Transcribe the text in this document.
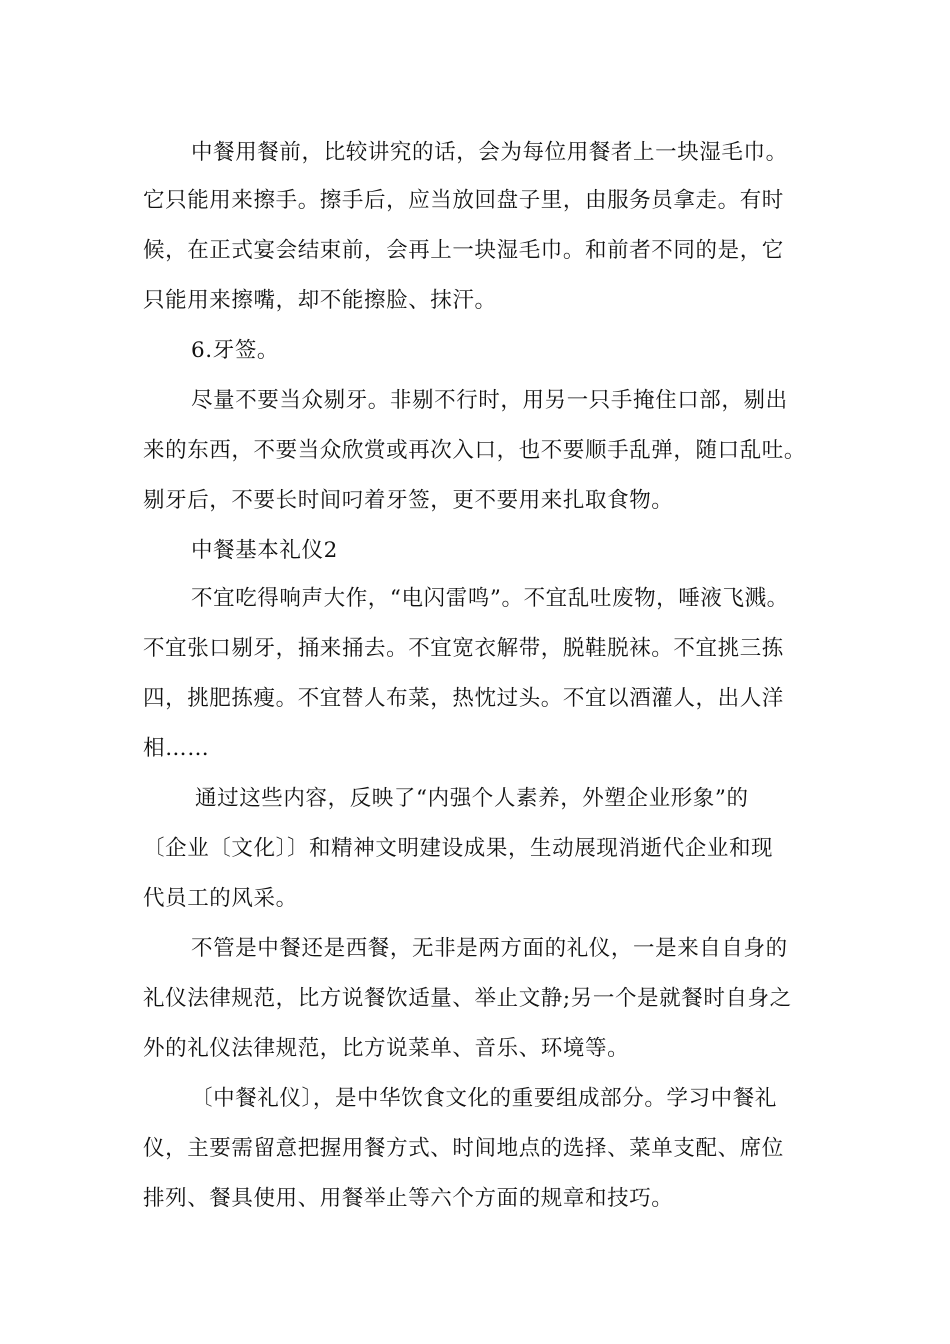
中餐用餐前，比较讲究的话，会为每位用餐者上一块湿毛巾。
它只能用来擦手。擦手后，应当放回盘子里，由服务员拿走。有时
候，在正式宴会结束前，会再上一块湿毛巾。和前者不同的是，它
只能用来擦嘴，却不能擦脸、抹汗。
6.牙签。
尽量不要当众剔牙。非剔不行时，用另一只手掩住口部，剔出
来的东西，不要当众欣赏或再次入口，也不要顺手乱弹，随口乱吐。
剔牙后，不要长时间叼着牙签，更不要用来扎取食物。
中餐基本礼仪2
不宜吃得响声大作，“电闪雷鸣”。不宜乱吐废物，唾液飞溅。
不宜张口剔牙，捅来捅去。不宜宽衣解带，脱鞋脱袜。不宜挑三拣
四，挑肥拣瘦。不宜替人布菜，热忱过头。不宜以酒灌人，出人洋
相……
通过这些内容，反映了“内强个人素养，外塑企业形象”的
〔企业〔文化〕〕和精神文明建设成果，生动展现消逝代企业和现
代员工的风采。
不管是中餐还是西餐，无非是两方面的礼仪，一是来自自身的
礼仪法律规范，比方说餐饮适量、举止文静;另一个是就餐时自身之
外的礼仪法律规范，比方说菜单、音乐、环境等。
〔中餐礼仪〕，是中华饮食文化的重要组成部分。学习中餐礼
仪，主要需留意把握用餐方式、时间地点的选择、菜单支配、席位
排列、餐具使用、用餐举止等六个方面的规章和技巧。
